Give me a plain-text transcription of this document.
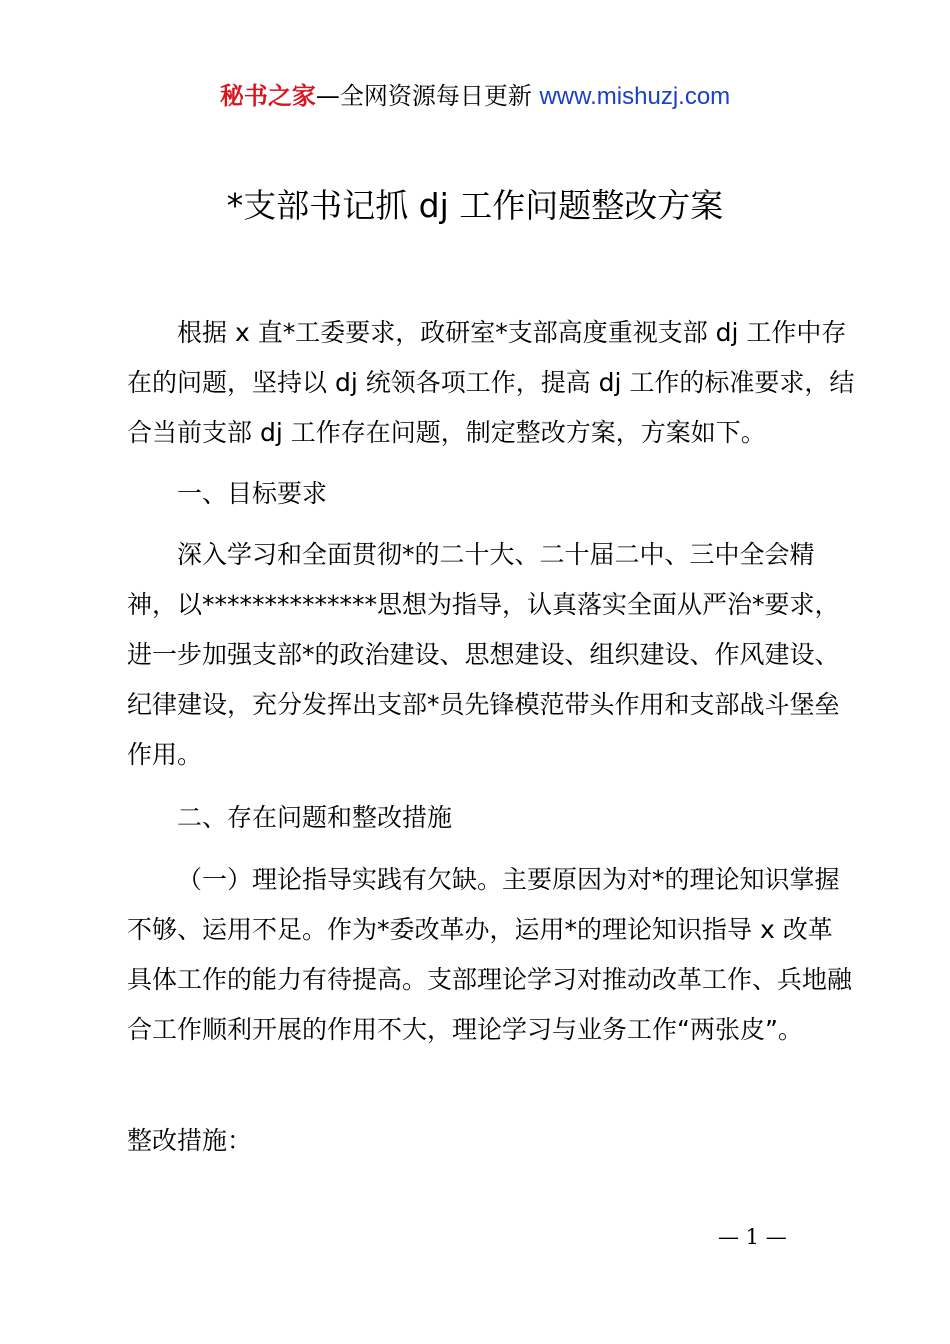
秘书之家—全网资源每日更新 www.mishuzj.com
*支部书记抓 dj 工作问题整改方案

根据 x 直*工委要求，政研室*支部高度重视支部 dj 工作中存在的问题，坚持以 dj 统领各项工作，提高 dj 工作的标准要求，结合当前支部 dj 工作存在问题，制定整改方案，方案如下。

一、目标要求

深入学习和全面贯彻*的二十大、二十届二中、三中全会精神，以**************思想为指导，认真落实全面从严治*要求，进一步加强支部*的政治建设、思想建设、组织建设、作风建设、纪律建设，充分发挥出支部*员先锋模范带头作用和支部战斗堡垒作用。

二、存在问题和整改措施

（一）理论指导实践有欠缺。主要原因为对*的理论知识掌握不够、运用不足。作为*委改革办，运用*的理论知识指导 x 改革具体工作的能力有待提高。支部理论学习对推动改革工作、兵地融合工作顺利开展的作用不大，理论学习与业务工作“两张皮”。

整改措施：

— 1 —
